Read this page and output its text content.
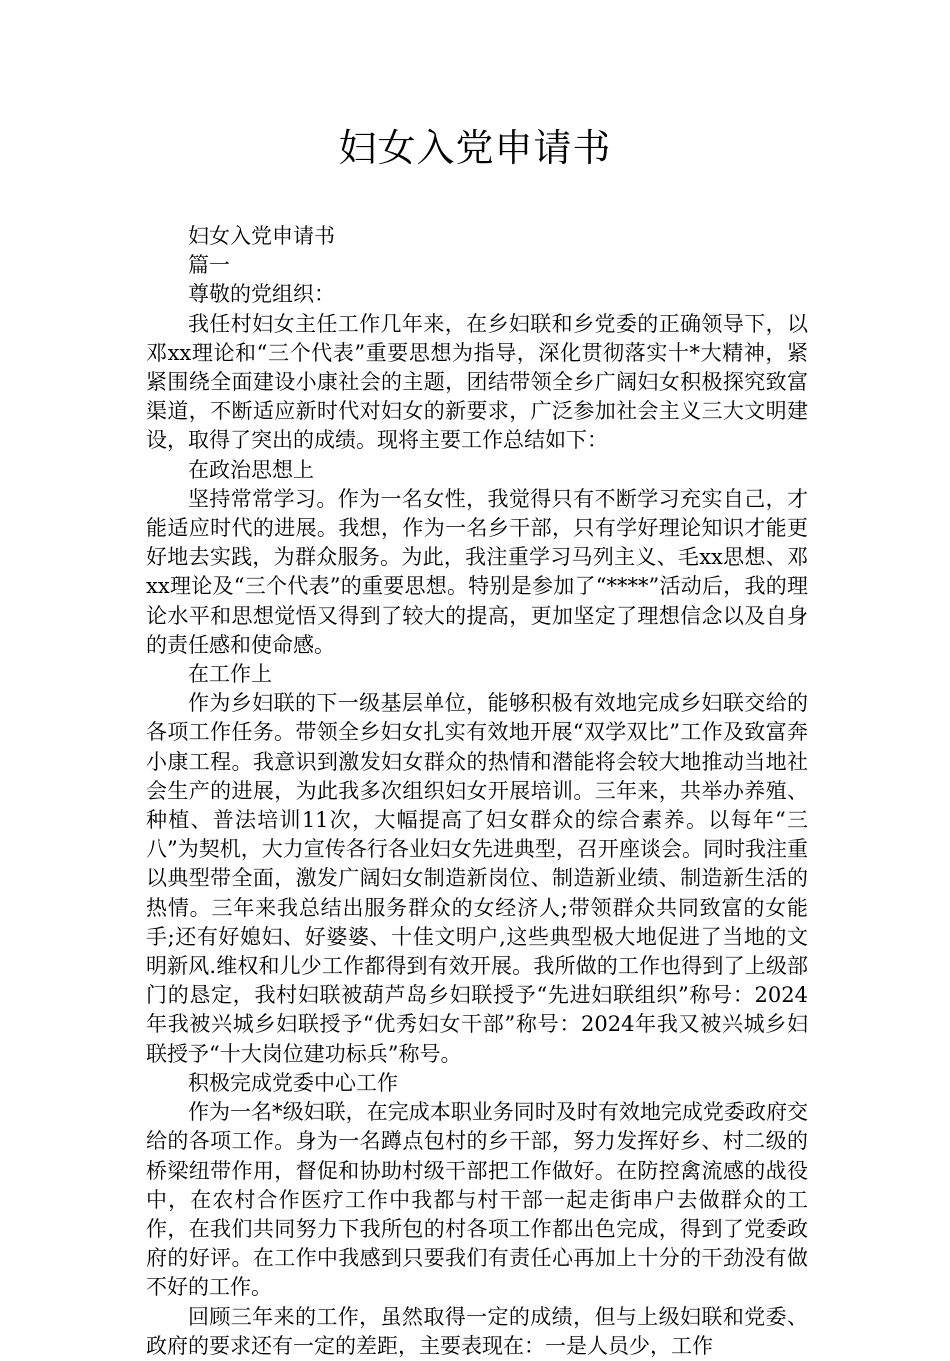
妇女入党申请书

妇女入党申请书

篇一

尊敬的党组织：

我任村妇女主任工作几年来，在乡妇联和乡党委的正确领导下，以邓xx理论和“三个代表”重要思想为指导，深化贯彻落实十*大精神，紧紧围绕全面建设小康社会的主题，团结带领全乡广阔妇女积极探究致富渠道，不断适应新时代对妇女的新要求，广泛参加社会主义三大文明建设，取得了突出的成绩。现将主要工作总结如下：

在政治思想上

坚持常常学习。作为一名女性，我觉得只有不断学习充实自己，才能适应时代的进展。我想，作为一名乡干部，只有学好理论知识才能更好地去实践，为群众服务。为此，我注重学习马列主义、毛xx思想、邓xx理论及“三个代表”的重要思想。特别是参加了“****”活动后，我的理论水平和思想觉悟又得到了较大的提高，更加坚定了理想信念以及自身的责任感和使命感。

在工作上

作为乡妇联的下一级基层单位，能够积极有效地完成乡妇联交给的各项工作任务。带领全乡妇女扎实有效地开展“双学双比”工作及致富奔小康工程。我意识到激发妇女群众的热情和潜能将会较大地推动当地社会生产的进展，为此我多次组织妇女开展培训。三年来，共举办养殖、种植、普法培训11次，大幅提高了妇女群众的综合素养。以每年“三八”为契机，大力宣传各行各业妇女先进典型，召开座谈会。同时我注重以典型带全面，激发广阔妇女制造新岗位、制造新业绩、制造新生活的热情。三年来我总结出服务群众的女经济人;带领群众共同致富的女能手;还有好媳妇、好婆婆、十佳文明户,这些典型极大地促进了当地的文明新风.维权和儿少工作都得到有效开展。我所做的工作也得到了上级部门的恳定，我村妇联被葫芦岛乡妇联授予“先进妇联组织”称号：2024年我被兴城乡妇联授予“优秀妇女干部”称号：2024年我又被兴城乡妇联授予“十大岗位建功标兵”称号。

积极完成党委中心工作

作为一名*级妇联，在完成本职业务同时及时有效地完成党委政府交给的各项工作。身为一名蹲点包村的乡干部，努力发挥好乡、村二级的桥梁纽带作用，督促和协助村级干部把工作做好。在防控禽流感的战役中，在农村合作医疗工作中我都与村干部一起走街串户去做群众的工作，在我们共同努力下我所包的村各项工作都出色完成，得到了党委政府的好评。在工作中我感到只要我们有责任心再加上十分的干劲没有做不好的工作。

回顾三年来的工作，虽然取得一定的成绩，但与上级妇联和党委、政府的要求还有一定的差距，主要表现在：一是人员少，工作
